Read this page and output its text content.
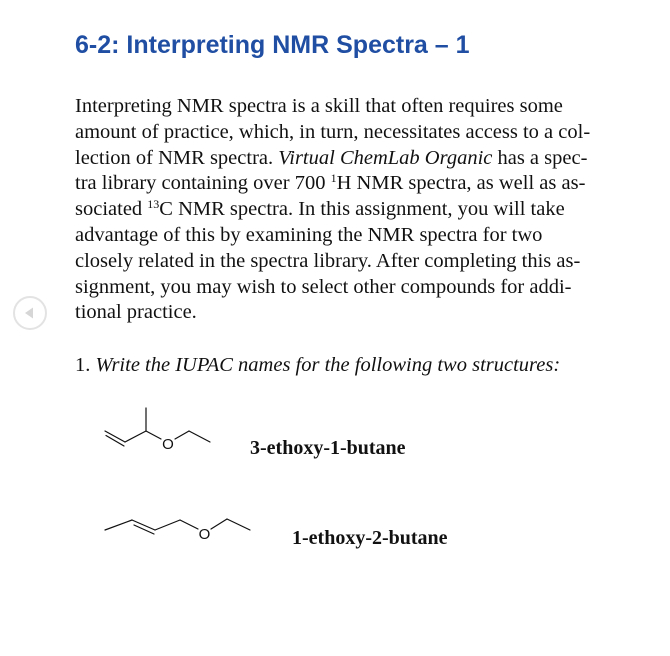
6-2: Interpreting NMR Spectra – 1

Interpreting NMR spectra is a skill that often requires some
amount of practice, which, in turn, necessitates access to a col-
lection of NMR spectra. Virtual ChemLab Organic has a spec-
tra library containing over 700 $^1$H NMR spectra, as well as as-
sociated $^{13}$C NMR spectra. In this assignment, you will take
advantage of this by examining the NMR spectra for two
closely related in the spectra library. After completing this as-
signment, you may wish to select other compounds for addi-
tional practice.

1. Write the IUPAC names for the following two structures:

O	3-ethoxy-1-butane

O	1-ethoxy-2-butane
